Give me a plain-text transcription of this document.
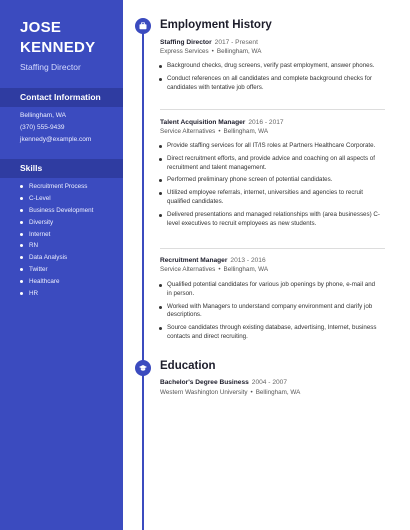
JOSE
KENNEDY
Staffing Director
Contact Information
Bellingham, WA
(370) 555-9439
jkennedy@example.com
Skills
Recruitment Process
C-Level
Business Development
Diversity
Internet
RN
Data Analysis
Twitter
Healthcare
HR
Employment History
Staffing Director 2017 - Present
Express Services • Bellingham, WA
Background checks, drug screens, verify past employment, answer phones.
Conduct references on all candidates and complete background checks for candidates with tentative job offers.
Talent Acquisition Manager 2016 - 2017
Service Alternatives • Bellingham, WA
Provide staffing services for all IT/IS roles at Partners Healthcare Corporate.
Direct recruitment efforts, and provide advice and coaching on all aspects of recruitment and talent management.
Performed preliminary phone screen of potential candidates.
Utilized employee referrals, internet, universities and agencies to recruit qualified candidates.
Delivered presentations and managed relationships with (area businesses) C-level executives to recruit employees as new students.
Recruitment Manager 2013 - 2016
Service Alternatives • Bellingham, WA
Qualified potential candidates for various job openings by phone, e-mail and in person.
Worked with Managers to understand company environment and clarify job descriptions.
Source candidates through existing database, advertising, Internet, business contacts and direct recruiting.
Education
Bachelor's Degree Business 2004 - 2007
Western Washington University • Bellingham, WA
